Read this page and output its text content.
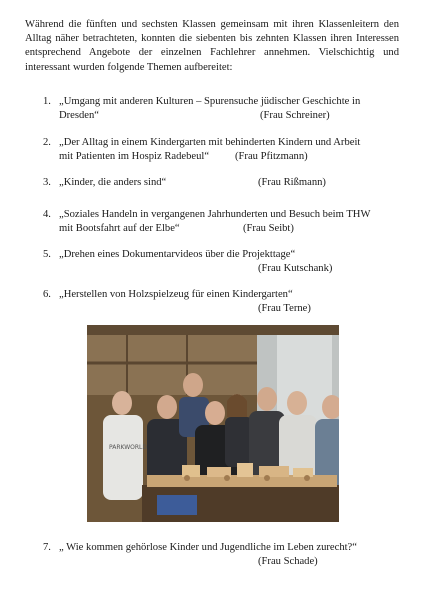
Während die fünften und sechsten Klassen gemeinsam mit ihren Klassenleitern den Alltag näher betrachteten, konnten die siebenten bis zehnten Klassen ihren Interessen entsprechend Angebote der einzelnen Fachlehrer annehmen. Vielschichtig und interessant wurden folgende Themen aufbereitet:

1. „Umgang mit anderen Kulturen – Spurensuche jüdischer Geschichte in
Dresden“	(Frau Schreiner)
2. „Der Alltag in einem Kindergarten mit behinderten Kindern und Arbeit
mit Patienten im Hospiz Radebeul“ (Frau Pfitzmann)
3. „Kinder, die anders sind“	(Frau Rißmann)
4. „Soziales Handeln in vergangenen Jahrhunderten und Besuch beim THW
mit Bootsfahrt auf der Elbe“	(Frau Seibt)
5. „Drehen eines Dokumentarvideos über die Projekttage“
(Frau Kutschank)
6. „Herstellen von Holzspielzeug für einen Kindergarten“
(Frau Terne)
PARKWORLD
7. „ Wie kommen gehörlose Kinder und Jugendliche im Leben zurecht?“
(Frau Schade)
